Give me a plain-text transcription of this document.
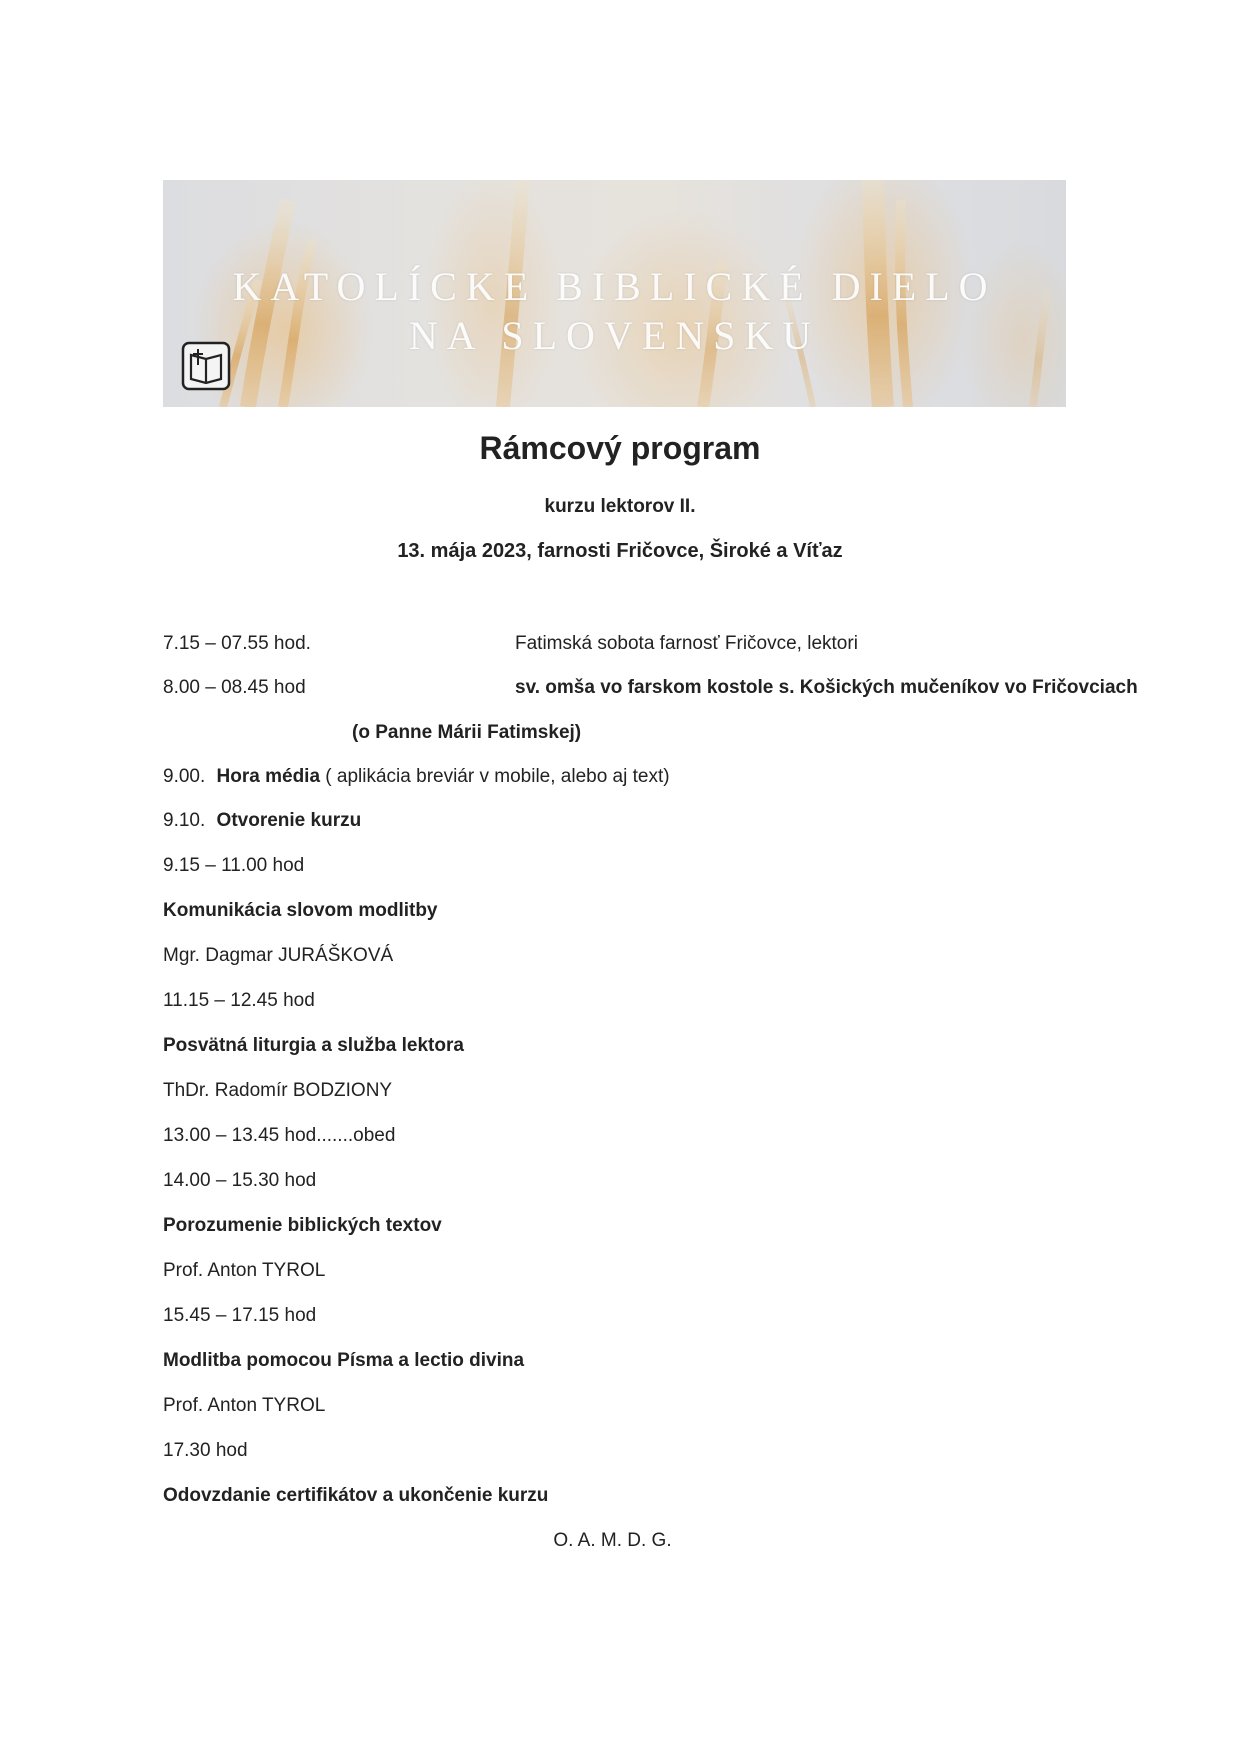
KATOLÍCKE BIBLICKÉ DIELO
NA SLOVENSKU
Rámcový program
kurzu lektorov II.
13. mája 2023, farnosti Fričovce, Široké a Víťaz
7.15 – 07.55 hod.	Fatimská sobota farnosť Fričovce, lektori
8.00 – 08.45 hod	sv. omša vo farskom kostole s. Košických mučeníkov vo Fričovciach
(o Panne Márii Fatimskej)
9.00. Hora média ( aplikácia breviár v mobile, alebo aj text)
9.10. Otvorenie kurzu
9.15 – 11.00 hod
Komunikácia slovom modlitby
Mgr. Dagmar JURÁŠKOVÁ
11.15 – 12.45 hod
Posvätná liturgia a služba lektora
ThDr. Radomír BODZIONY
13.00 – 13.45 hod.......obed
14.00 – 15.30 hod
Porozumenie biblických textov
Prof. Anton TYROL
15.45 – 17.15 hod
Modlitba pomocou Písma a lectio divina
Prof. Anton TYROL
17.30 hod
Odovzdanie certifikátov a ukončenie kurzu
O. A. M. D. G.
